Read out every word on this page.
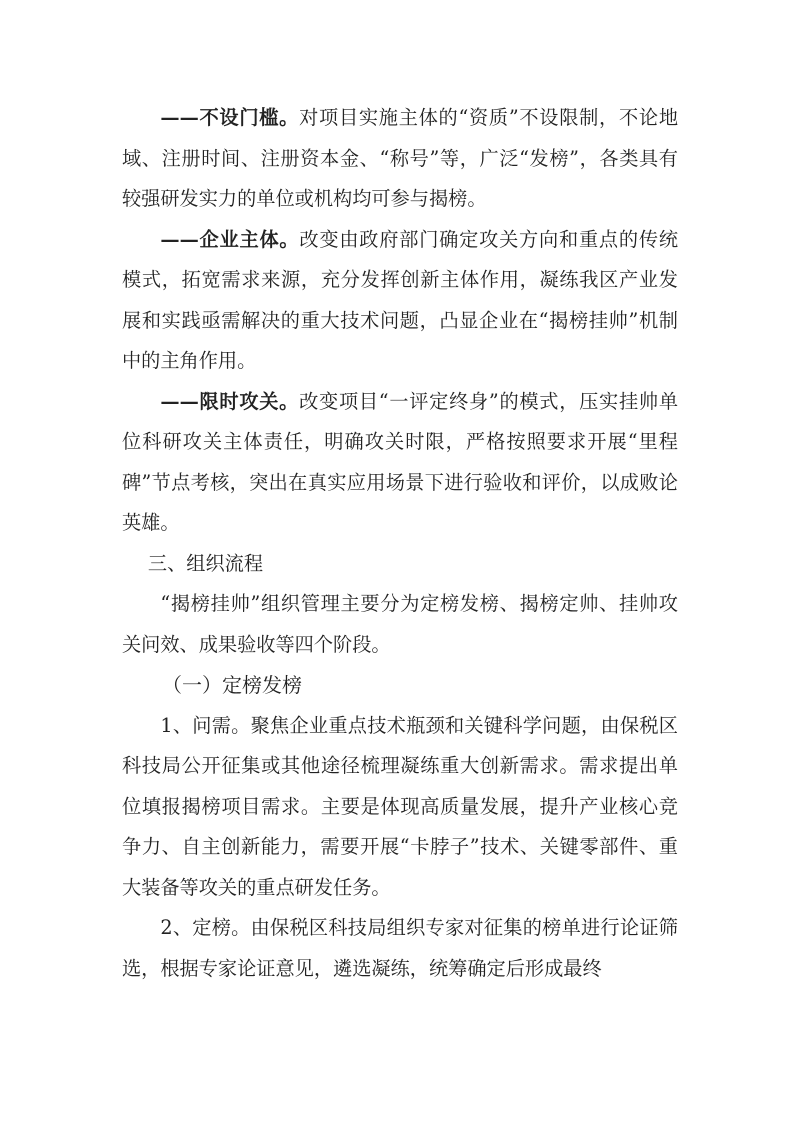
——不设门槛。对项目实施主体的“资质”不设限制，不论地域、注册时间、注册资本金、“称号”等，广泛“发榜”，各类具有较强研发实力的单位或机构均可参与揭榜。

——企业主体。改变由政府部门确定攻关方向和重点的传统模式，拓宽需求来源，充分发挥创新主体作用，凝练我区产业发展和实践亟需解决的重大技术问题，凸显企业在“揭榜挂帅”机制中的主角作用。

——限时攻关。改变项目“一评定终身”的模式，压实挂帅单位科研攻关主体责任，明确攻关时限，严格按照要求开展“里程碑”节点考核，突出在真实应用场景下进行验收和评价，以成败论英雄。

三、组织流程

“揭榜挂帅”组织管理主要分为定榜发榜、揭榜定帅、挂帅攻关问效、成果验收等四个阶段。

（一）定榜发榜

1、问需。聚焦企业重点技术瓶颈和关键科学问题，由保税区科技局公开征集或其他途径梳理凝练重大创新需求。需求提出单位填报揭榜项目需求。主要是体现高质量发展，提升产业核心竞争力、自主创新能力，需要开展“卡脖子”技术、关键零部件、重大装备等攻关的重点研发任务。

2、定榜。由保税区科技局组织专家对征集的榜单进行论证筛选，根据专家论证意见，遴选凝练，统筹确定后形成最终
